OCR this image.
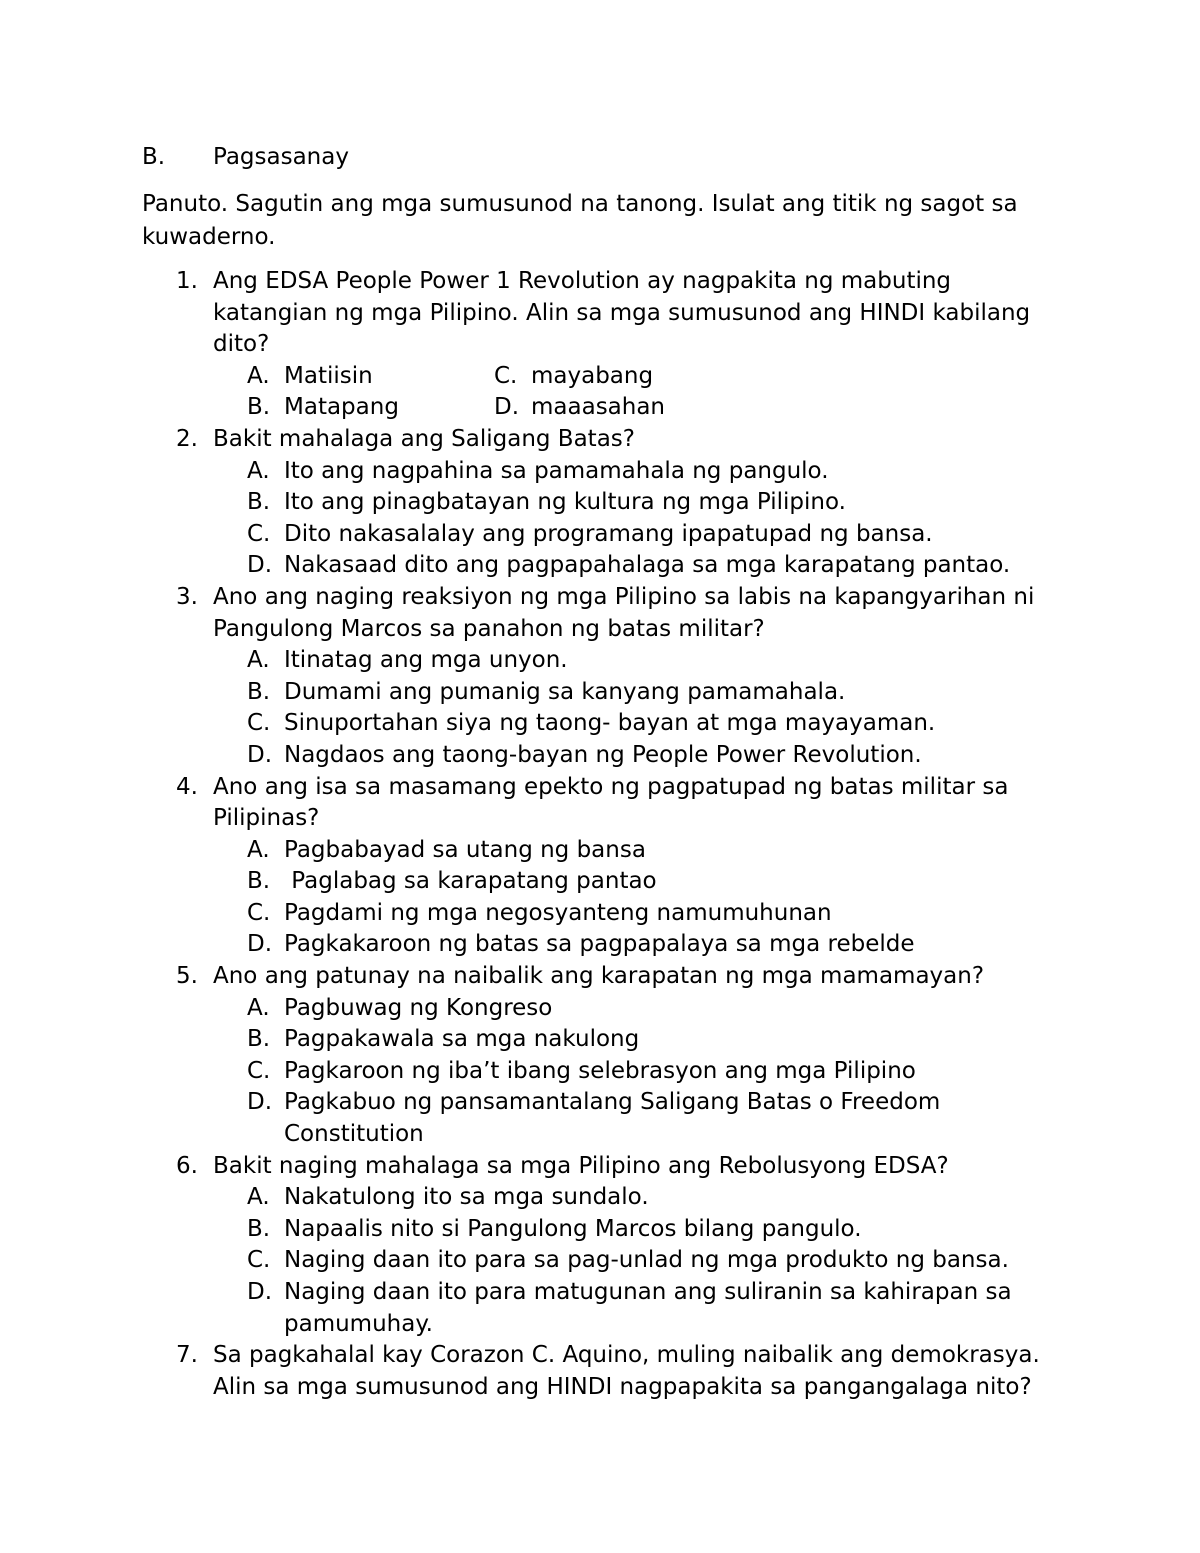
B. Pagsasanay

Panuto. Sagutin ang mga sumusunod na tanong. Isulat ang titik ng sagot sa kuwaderno.

1. Ang EDSA People Power 1 Revolution ay nagpakita ng mabuting katangian ng mga Pilipino. Alin sa mga sumusunod ang HINDI kabilang dito?
A. Matiisin	C. mayabang
B. Matapang	D. maaasahan
2. Bakit mahalaga ang Saligang Batas?
A. Ito ang nagpahina sa pamamahala ng pangulo.
B. Ito ang pinagbatayan ng kultura ng mga Pilipino.
C. Dito nakasalalay ang programang ipapatupad ng bansa.
D. Nakasaad dito ang pagpapahalaga sa mga karapatang pantao.
3. Ano ang naging reaksiyon ng mga Pilipino sa labis na kapangyarihan ni Pangulong Marcos sa panahon ng batas militar?
A. Itinatag ang mga unyon.
B. Dumami ang pumanig sa kanyang pamamahala.
C. Sinuportahan siya ng taong- bayan at mga mayayaman.
D. Nagdaos ang taong-bayan ng People Power Revolution.
4. Ano ang isa sa masamang epekto ng pagpatupad ng batas militar sa Pilipinas?
A. Pagbabayad sa utang ng bansa
B. Paglabag sa karapatang pantao
C. Pagdami ng mga negosyanteng namumuhunan
D. Pagkakaroon ng batas sa pagpapalaya sa mga rebelde
5. Ano ang patunay na naibalik ang karapatan ng mga mamamayan?
A. Pagbuwag ng Kongreso
B. Pagpakawala sa mga nakulong
C. Pagkaroon ng iba’t ibang selebrasyon ang mga Pilipino
D. Pagkabuo ng pansamantalang Saligang Batas o Freedom Constitution
6. Bakit naging mahalaga sa mga Pilipino ang Rebolusyong EDSA?
A. Nakatulong ito sa mga sundalo.
B. Napaalis nito si Pangulong Marcos bilang pangulo.
C. Naging daan ito para sa pag-unlad ng mga produkto ng bansa.
D. Naging daan ito para matugunan ang suliranin sa kahirapan sa pamumuhay.
7. Sa pagkahalal kay Corazon C. Aquino, muling naibalik ang demokrasya. Alin sa mga sumusunod ang HINDI nagpapakita sa pangangalaga nito?
